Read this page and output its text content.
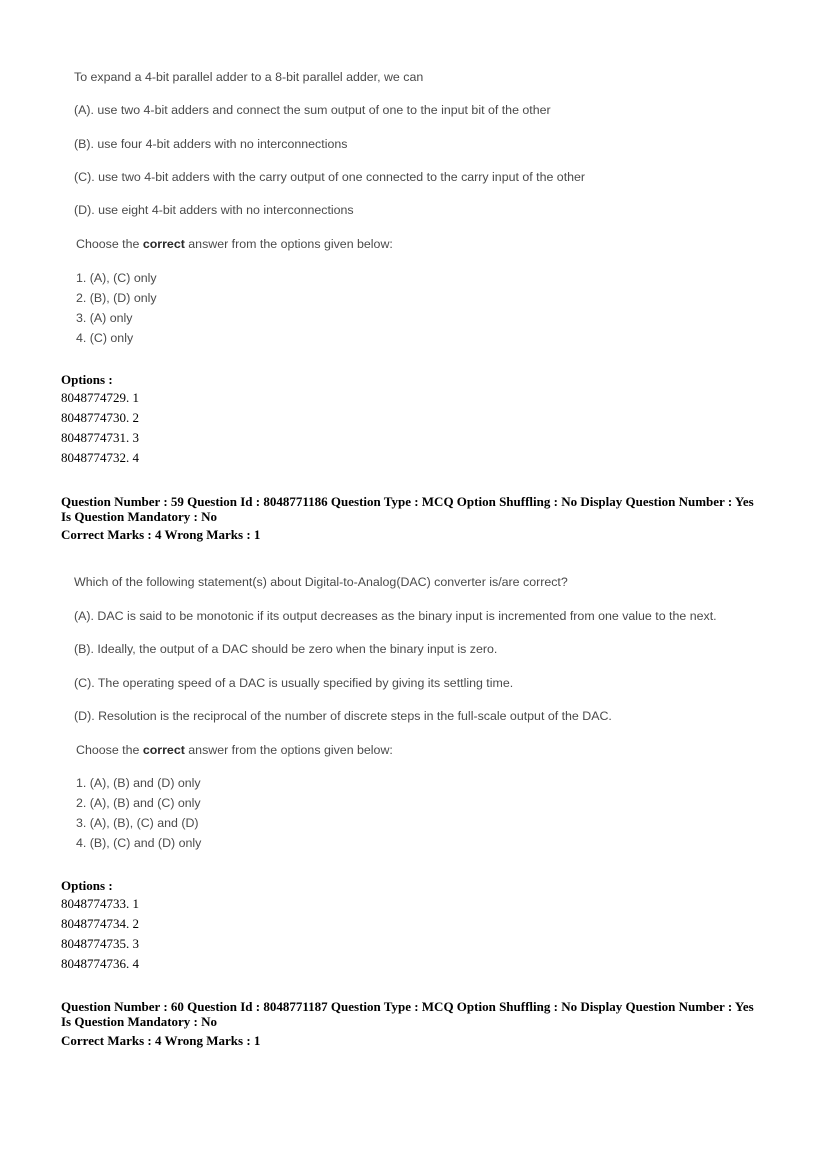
To expand a 4-bit parallel adder to a 8-bit parallel adder, we can
(A). use two 4-bit adders and connect the sum output of one to the input bit of the other
(B). use four 4-bit adders with no interconnections
(C). use two 4-bit adders with the carry output of one connected to the carry input of the other
(D). use eight 4-bit adders with no interconnections
Choose the correct answer from the options given below:
1. (A), (C) only
2. (B), (D) only
3. (A) only
4. (C) only
Options :
8048774729. 1
8048774730. 2
8048774731. 3
8048774732. 4
Question Number : 59 Question Id : 8048771186 Question Type : MCQ Option Shuffling : No Display Question Number : Yes
Is Question Mandatory : No
Correct Marks : 4 Wrong Marks : 1
Which of the following statement(s) about Digital-to-Analog(DAC) converter is/are correct?
(A). DAC is said to be monotonic if its output decreases as the binary input is incremented from one value to the next.
(B). Ideally, the output of a DAC should be zero when the binary input is zero.
(C). The operating speed of a DAC is usually specified by giving its settling time.
(D). Resolution is the reciprocal of the number of discrete steps in the full-scale output of the DAC.
Choose the correct answer from the options given below:
1. (A), (B) and (D) only
2. (A), (B) and (C) only
3. (A), (B), (C) and (D)
4. (B), (C) and (D) only
Options :
8048774733. 1
8048774734. 2
8048774735. 3
8048774736. 4
Question Number : 60 Question Id : 8048771187 Question Type : MCQ Option Shuffling : No Display Question Number : Yes
Is Question Mandatory : No
Correct Marks : 4 Wrong Marks : 1
